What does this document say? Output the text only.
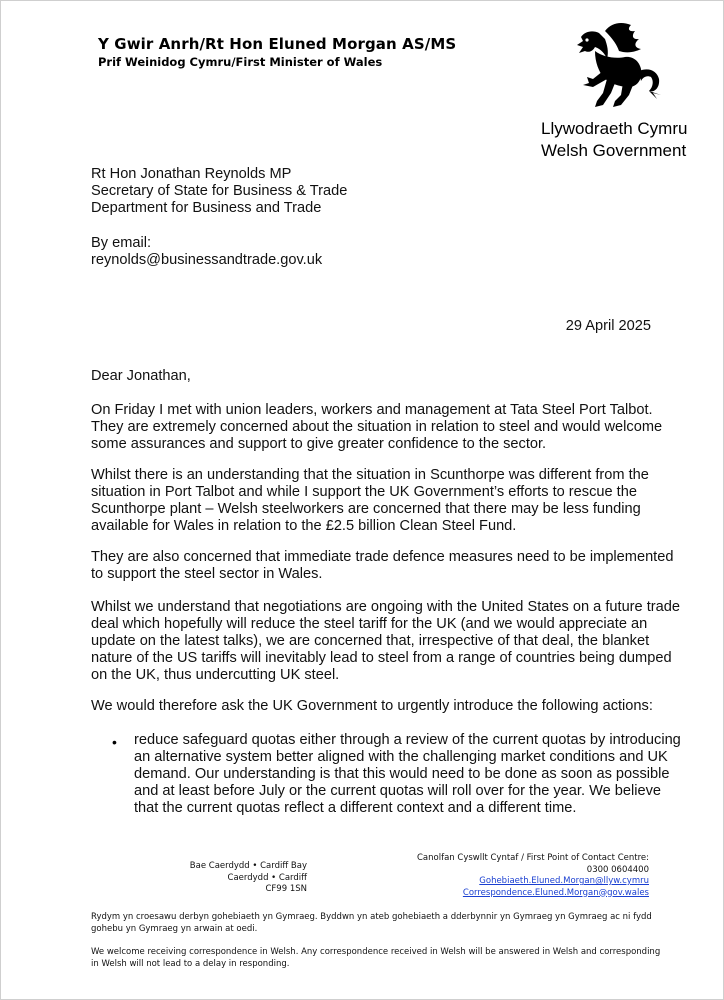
Y Gwir Anrh/Rt Hon Eluned Morgan AS/MS
Prif Weinidog Cymru/First Minister of Wales
Llywodraeth Cymru
Welsh Government
Rt Hon Jonathan Reynolds MP
Secretary of State for Business & Trade
Department for Business and Trade
By email:
reynolds@businessandtrade.gov.uk
29 April 2025
Dear Jonathan,
On Friday I met with union leaders, workers and management at Tata Steel Port Talbot.
They are extremely concerned about the situation in relation to steel and would welcome
some assurances and support to give greater confidence to the sector.
Whilst there is an understanding that the situation in Scunthorpe was different from the
situation in Port Talbot and while I support the UK Government’s efforts to rescue the
Scunthorpe plant – Welsh steelworkers are concerned that there may be less funding
available for Wales in relation to the £2.5 billion Clean Steel Fund.
They are also concerned that immediate trade defence measures need to be implemented
to support the steel sector in Wales.
Whilst we understand that negotiations are ongoing with the United States on a future trade
deal which hopefully will reduce the steel tariff for the UK (and we would appreciate an
update on the latest talks), we are concerned that, irrespective of that deal, the blanket
nature of the US tariffs will inevitably lead to steel from a range of countries being dumped
on the UK, thus undercutting UK steel.
We would therefore ask the UK Government to urgently introduce the following actions:
• reduce safeguard quotas either through a review of the current quotas by introducing
an alternative system better aligned with the challenging market conditions and UK
demand. Our understanding is that this would need to be done as soon as possible
and at least before July or the current quotas will roll over for the year. We believe
that the current quotas reflect a different context and a different time.
Bae Caerdydd • Cardiff Bay
Caerdydd • Cardiff
CF99 1SN
Canolfan Cyswllt Cyntaf / First Point of Contact Centre:
0300 0604400
Gohebiaeth.Eluned.Morgan@llyw.cymru
Correspondence.Eluned.Morgan@gov.wales
Rydym yn croesawu derbyn gohebiaeth yn Gymraeg. Byddwn yn ateb gohebiaeth a dderbynnir yn Gymraeg yn Gymraeg ac ni fydd
gohebu yn Gymraeg yn arwain at oedi.
We welcome receiving correspondence in Welsh. Any correspondence received in Welsh will be answered in Welsh and corresponding
in Welsh will not lead to a delay in responding.
